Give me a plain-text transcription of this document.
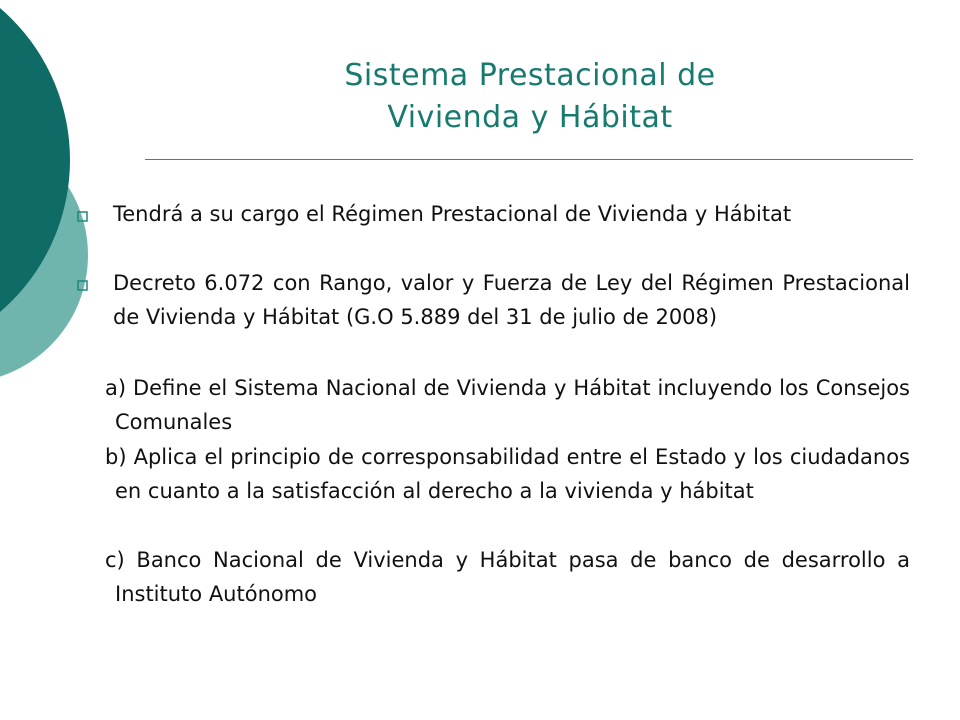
Sistema Prestacional de
Vivienda y Hábitat

Tendrá a su cargo el Régimen Prestacional de Vivienda y Hábitat

Decreto 6.072 con Rango, valor y Fuerza de Ley del Régimen Prestacional de Vivienda y Hábitat (G.O 5.889 del 31 de julio de 2008)

a) Define el Sistema Nacional de Vivienda y Hábitat incluyendo los Consejos Comunales

b) Aplica el principio de corresponsabilidad entre el Estado y los ciudadanos en cuanto a la satisfacción al derecho a la vivienda y hábitat

c) Banco Nacional de Vivienda y Hábitat pasa de banco de desarrollo a Instituto Autónomo
